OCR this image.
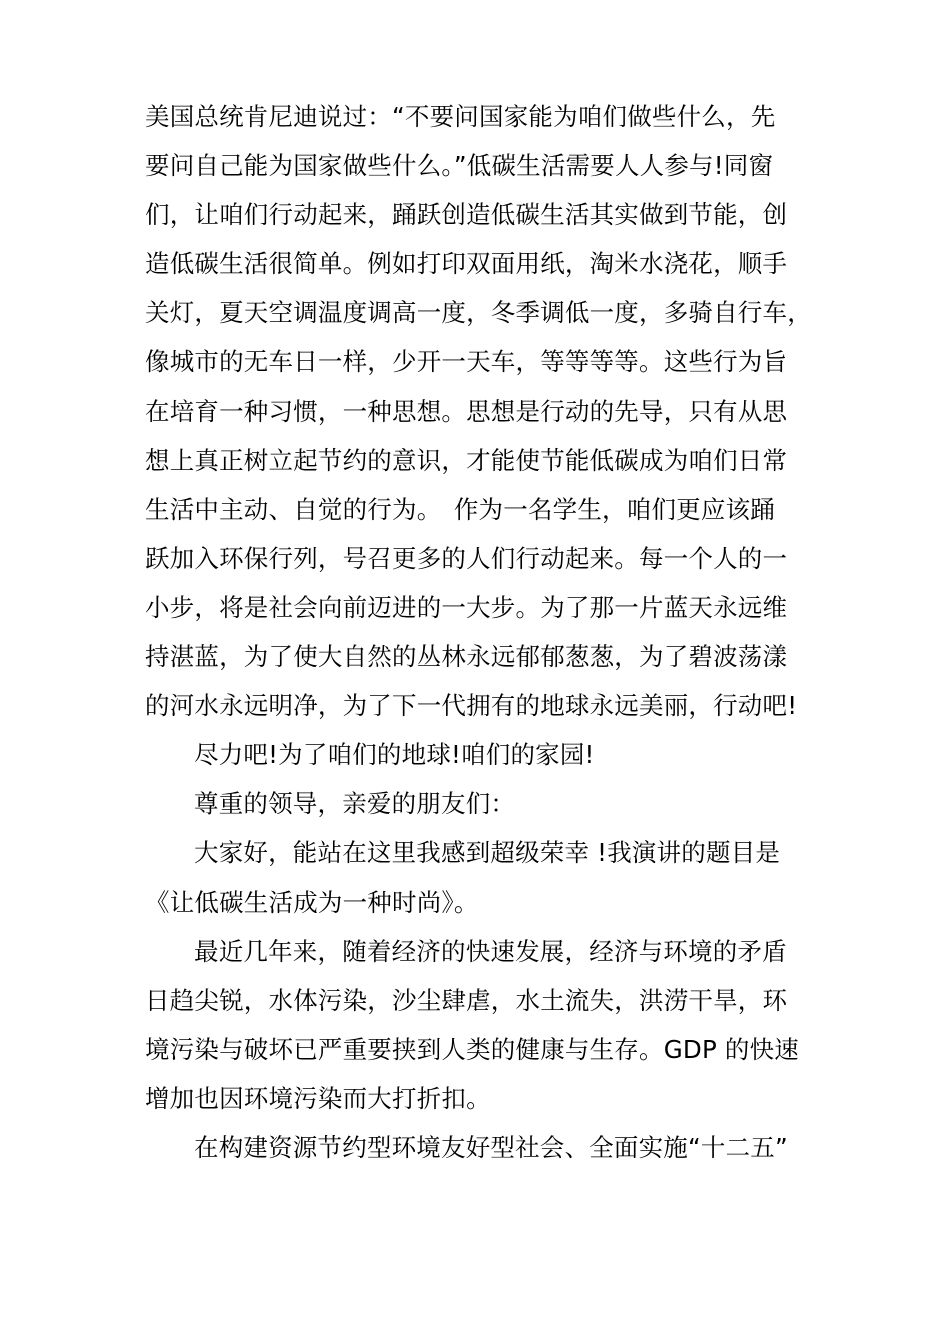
美国总统肯尼迪说过：“不要问国家能为咱们做些什么，先
要问自己能为国家做些什么。”低碳生活需要人人参与!同窗
们，让咱们行动起来，踊跃创造低碳生活其实做到节能，创
造低碳生活很简单。例如打印双面用纸，淘米水浇花，顺手
关灯，夏天空调温度调高一度，冬季调低一度，多骑自行车，
像城市的无车日一样，少开一天车，等等等等。这些行为旨
在培育一种习惯，一种思想。思想是行动的先导，只有从思
想上真正树立起节约的意识，才能使节能低碳成为咱们日常
生活中主动、自觉的行为。　作为一名学生，咱们更应该踊
跃加入环保行列，号召更多的人们行动起来。每一个人的一
小步，将是社会向前迈进的一大步。为了那一片蓝天永远维
持湛蓝，为了使大自然的丛林永远郁郁葱葱，为了碧波荡漾
的河水永远明净，为了下一代拥有的地球永远美丽，行动吧!
尽力吧!为了咱们的地球!咱们的家园!
尊重的领导，亲爱的朋友们：
大家好，能站在这里我感到超级荣幸 !我演讲的题目是
《让低碳生活成为一种时尚》。
最近几年来，随着经济的快速发展，经济与环境的矛盾
日趋尖锐，水体污染，沙尘肆虐，水土流失，洪涝干旱，环
境污染与破坏已严重要挟到人类的健康与生存。GDP 的快速
增加也因环境污染而大打折扣。
在构建资源节约型环境友好型社会、全面实施“十二五”
